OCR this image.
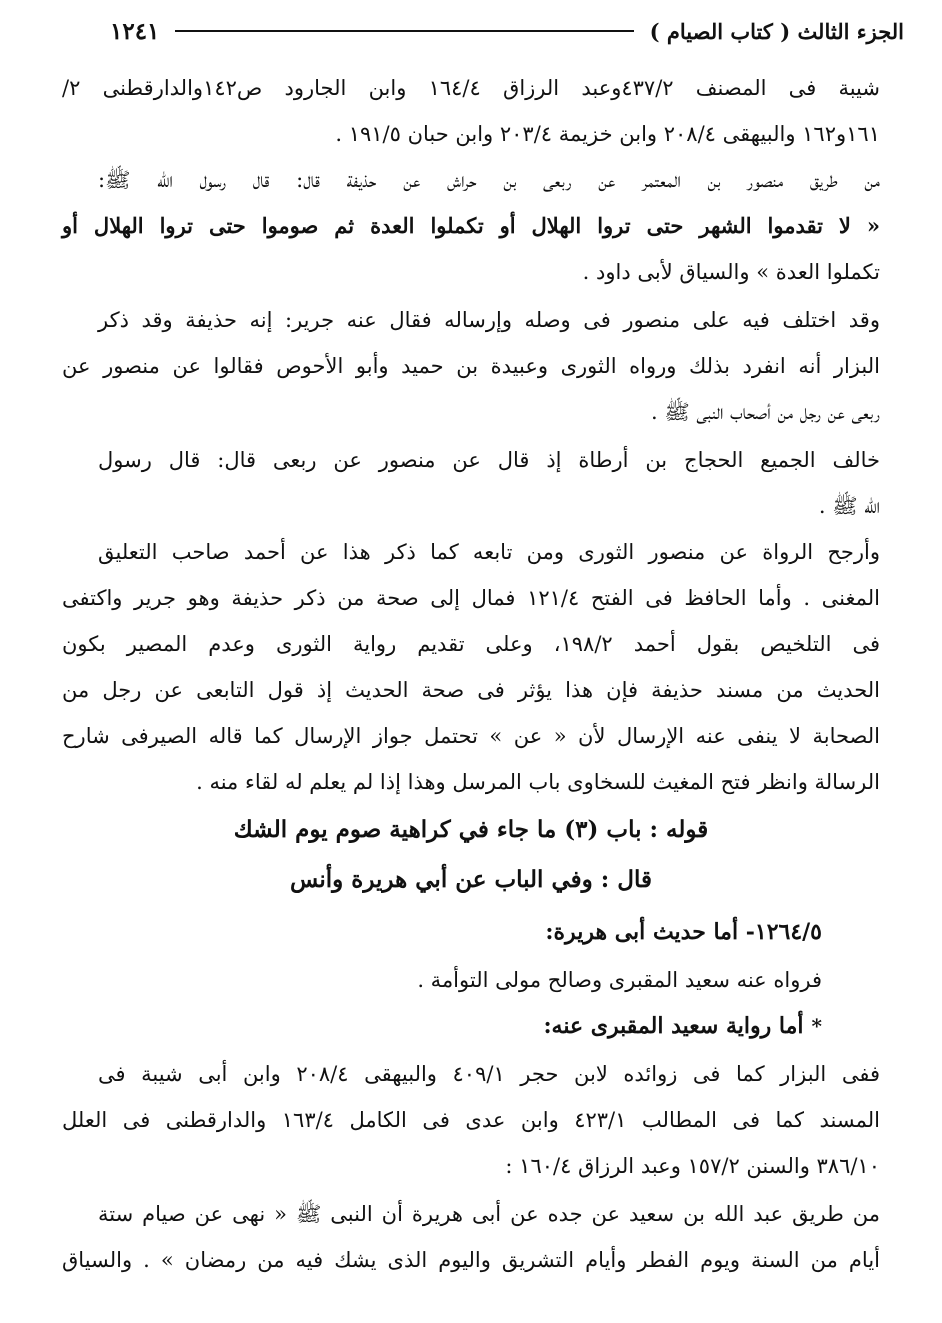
الجزء الثالث ( كتاب الصيام )
١٢٤١
شيبة فى المصنف ٤٣٧/٢وعبد الرزاق ١٦٤/٤ وابن الجارود ص١٤٢والدارقطنى ٢/
١٦١و١٦٢ والبيهقى ٢٠٨/٤ وابن خزيمة ٢٠٣/٤ وابن حبان ١٩١/٥ .
من طريق منصور بن المعتمر عن ربعى بن حراش عن حذيفة قال: قال رسول الله ﷺ:
« لا تقدموا الشهر حتى تروا الهلال أو تكملوا العدة ثم صوموا حتى تروا الهلال أو
تكملوا العدة » والسياق لأبى داود .
وقد اختلف فيه على منصور فى وصله وإرساله فقال عنه جرير: إنه حذيفة وقد ذكر
البزار أنه انفرد بذلك ورواه الثورى وعبيدة بن حميد وأبو الأحوص فقالوا عن منصور عن
ربعى عن رجل من أصحاب النبى ﷺ .
خالف الجميع الحجاج بن أرطاة إذ قال عن منصور عن ربعى قال: قال رسول
الله ﷺ .
وأرجح الرواة عن منصور الثورى ومن تابعه كما ذكر هذا عن أحمد صاحب التعليق
المغنى . وأما الحافظ فى الفتح ١٢١/٤ فمال إلى صحة من ذكر حذيفة وهو جرير واكتفى
فى التلخيص بقول أحمد ١٩٨/٢، وعلى تقديم رواية الثورى وعدم المصير بكون
الحديث من مسند حذيفة فإن هذا يؤثر فى صحة الحديث إذ قول التابعى عن رجل من
الصحابة لا ينفى عنه الإرسال لأن « عن » تحتمل جواز الإرسال كما قاله الصيرفى شارح
الرسالة وانظر فتح المغيث للسخاوى باب المرسل وهذا إذا لم يعلم له لقاء منه .
قوله : باب (٣) ما جاء في كراهية صوم يوم الشك
قال : وفي الباب عن أبي هريرة وأنس
١٢٦٤/٥- أما حديث أبى هريرة:
فرواه عنه سعيد المقبرى وصالح مولى التوأمة .
*أما رواية سعيد المقبرى عنه:
ففى البزار كما فى زوائده لابن حجر ٤٠٩/١ والبيهقى ٢٠٨/٤ وابن أبى شيبة فى
المسند كما فى المطالب ٤٢٣/١ وابن عدى فى الكامل ١٦٣/٤ والدارقطنى فى العلل
٣٨٦/١٠ والسنن ١٥٧/٢ وعبد الرزاق ١٦٠/٤ :
من طريق عبد الله بن سعيد عن جده عن أبى هريرة أن النبى ﷺ « نهى عن صيام ستة
أيام من السنة ويوم الفطر وأيام التشريق واليوم الذى يشك فيه من رمضان » . والسياق
